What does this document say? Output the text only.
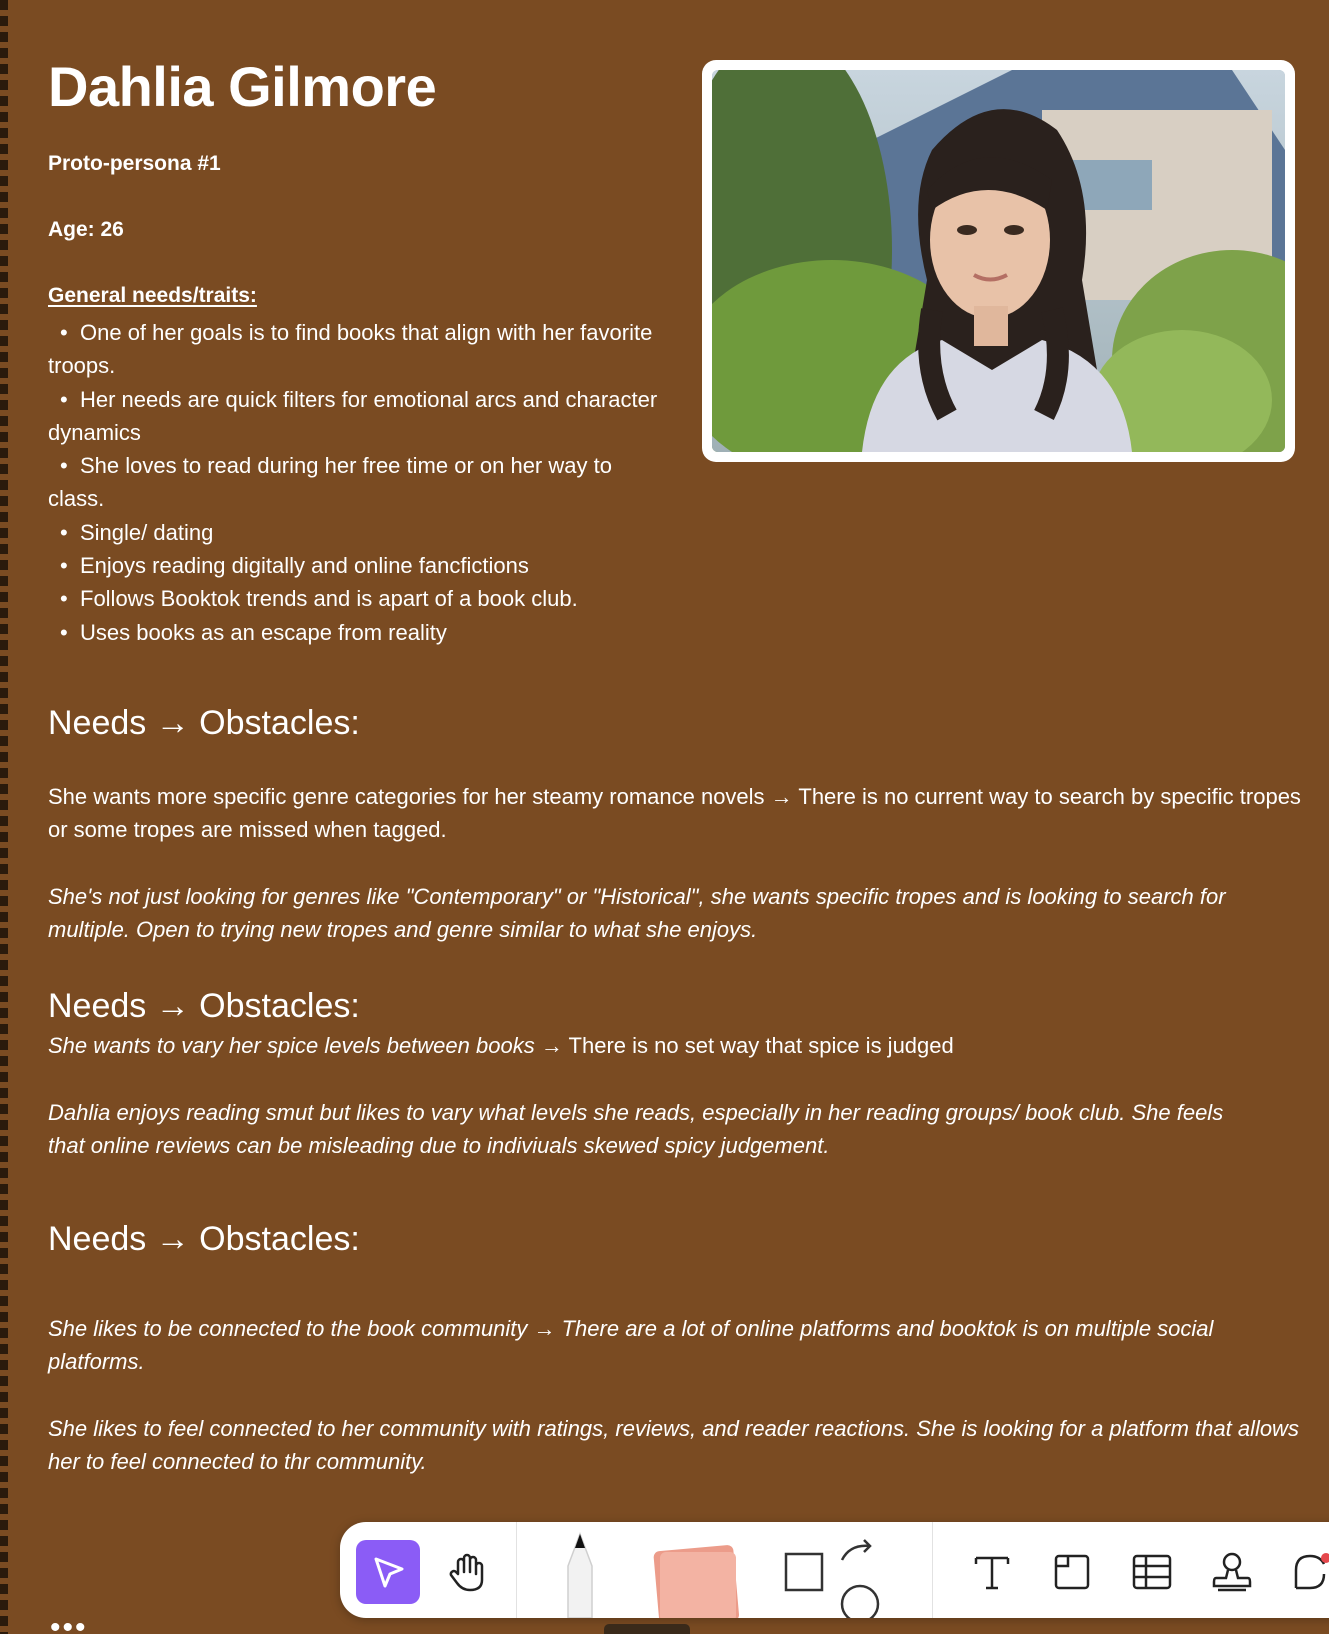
Dahlia Gilmore
Proto-persona #1
Age: 26
General needs/traits:
• One of her goals is to find books that align with her favorite troops.
• Her needs are quick filters for emotional arcs and character dynamics
• She loves to read during her free time or on her way to class.
• Single/ dating
• Enjoys reading digitally and online fancfictions
• Follows Booktok trends and is apart of a book club.
• Uses books as an escape from reality
Needs → Obstacles:
She wants more specific genre categories for her steamy romance novels → There is no current way to search by specific tropes or some tropes are missed when tagged.
She's not just looking for genres like "Contemporary" or "Historical", she wants specific tropes and is looking to search for multiple. Open to trying new tropes and genre similar to what she enjoys.
Needs → Obstacles:
She wants to vary her spice levels between books → There is no set way that spice is judged
Dahlia enjoys reading smut but likes to vary what levels she reads, especially in her reading groups/ book club. She feels that online reviews can be misleading due to indiviuals skewed spicy judgement.
Needs → Obstacles:
She likes to be connected to the book community → There are a lot of online platforms and booktok is on multiple social platforms.
She likes to feel connected to her community with ratings, reviews, and reader reactions. She is looking for a platform that allows her to feel connected to thr community.
•••
